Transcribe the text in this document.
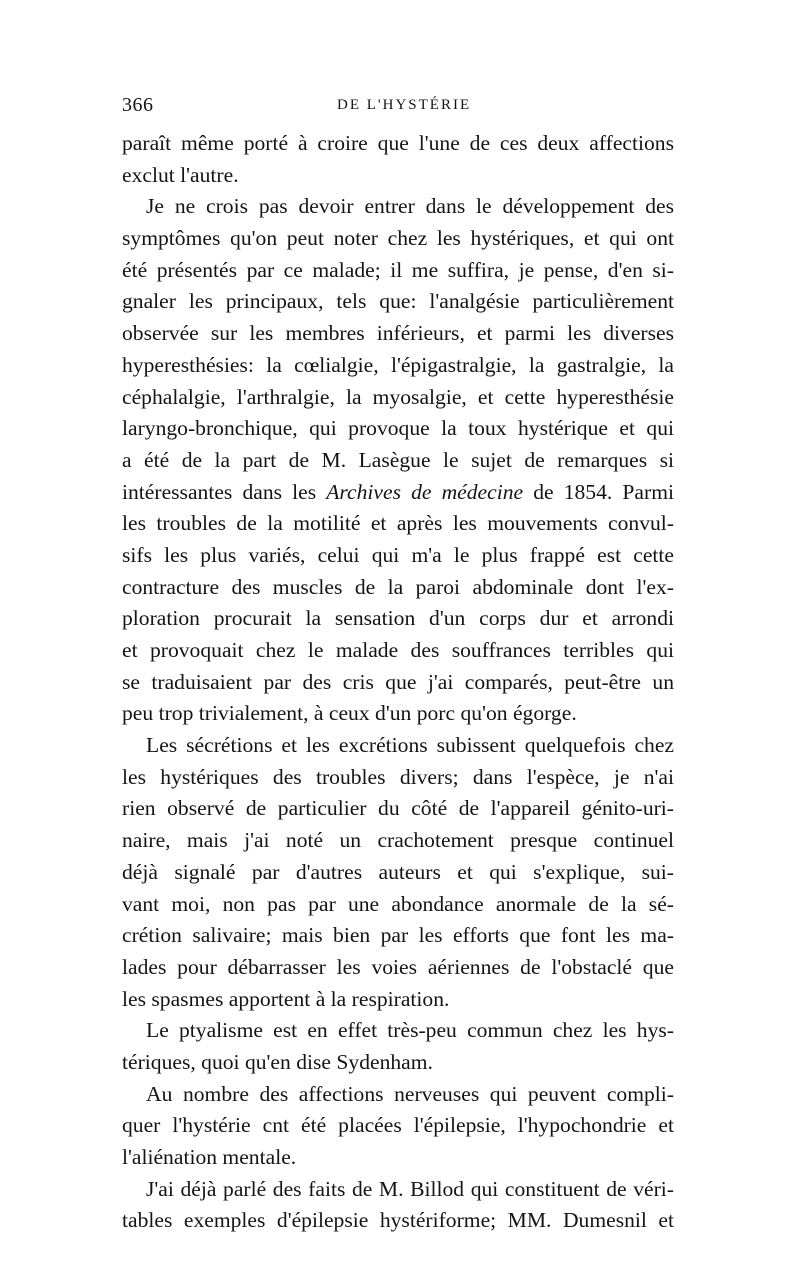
366	DE L'HYSTÉRIE
paraît même porté à croire que l'une de ces deux affections
exclut l'autre.
Je ne crois pas devoir entrer dans le développement des
symptômes qu'on peut noter chez les hystériques, et qui ont
été présentés par ce malade; il me suffira, je pense, d'en si-
gnaler les principaux, tels que: l'analgésie particulièrement
observée sur les membres inférieurs, et parmi les diverses
hyperesthésies: la cœlialgie, l'épigastralgie, la gastralgie, la
céphalalgie, l'arthralgie, la myosalgie, et cette hyperesthésie
laryngo-bronchique, qui provoque la toux hystérique et qui
a été de la part de M. Lasègue le sujet de remarques si
intéressantes dans les Archives de médecine de 1854. Parmi
les troubles de la motilité et après les mouvements convul-
sifs les plus variés, celui qui m'a le plus frappé est cette
contracture des muscles de la paroi abdominale dont l'ex-
ploration procurait la sensation d'un corps dur et arrondi
et provoquait chez le malade des souffrances terribles qui
se traduisaient par des cris que j'ai comparés, peut-être un
peu trop trivialement, à ceux d'un porc qu'on égorge.
Les sécrétions et les excrétions subissent quelquefois chez
les hystériques des troubles divers; dans l'espèce, je n'ai
rien observé de particulier du côté de l'appareil génito-uri-
naire, mais j'ai noté un crachotement presque continuel
déjà signalé par d'autres auteurs et qui s'explique, sui-
vant moi, non pas par une abondance anormale de la sé-
crétion salivaire; mais bien par les efforts que font les ma-
lades pour débarrasser les voies aériennes de l'obstaclé que
les spasmes apportent à la respiration.
Le ptyalisme est en effet très-peu commun chez les hys-
tériques, quoi qu'en dise Sydenham.
Au nombre des affections nerveuses qui peuvent compli-
quer l'hystérie cnt été placées l'épilepsie, l'hypochondrie et
l'aliénation mentale.
J'ai déjà parlé des faits de M. Billod qui constituent de véri-
tables exemples d'épilepsie hystériforme; MM. Dumesnil et
